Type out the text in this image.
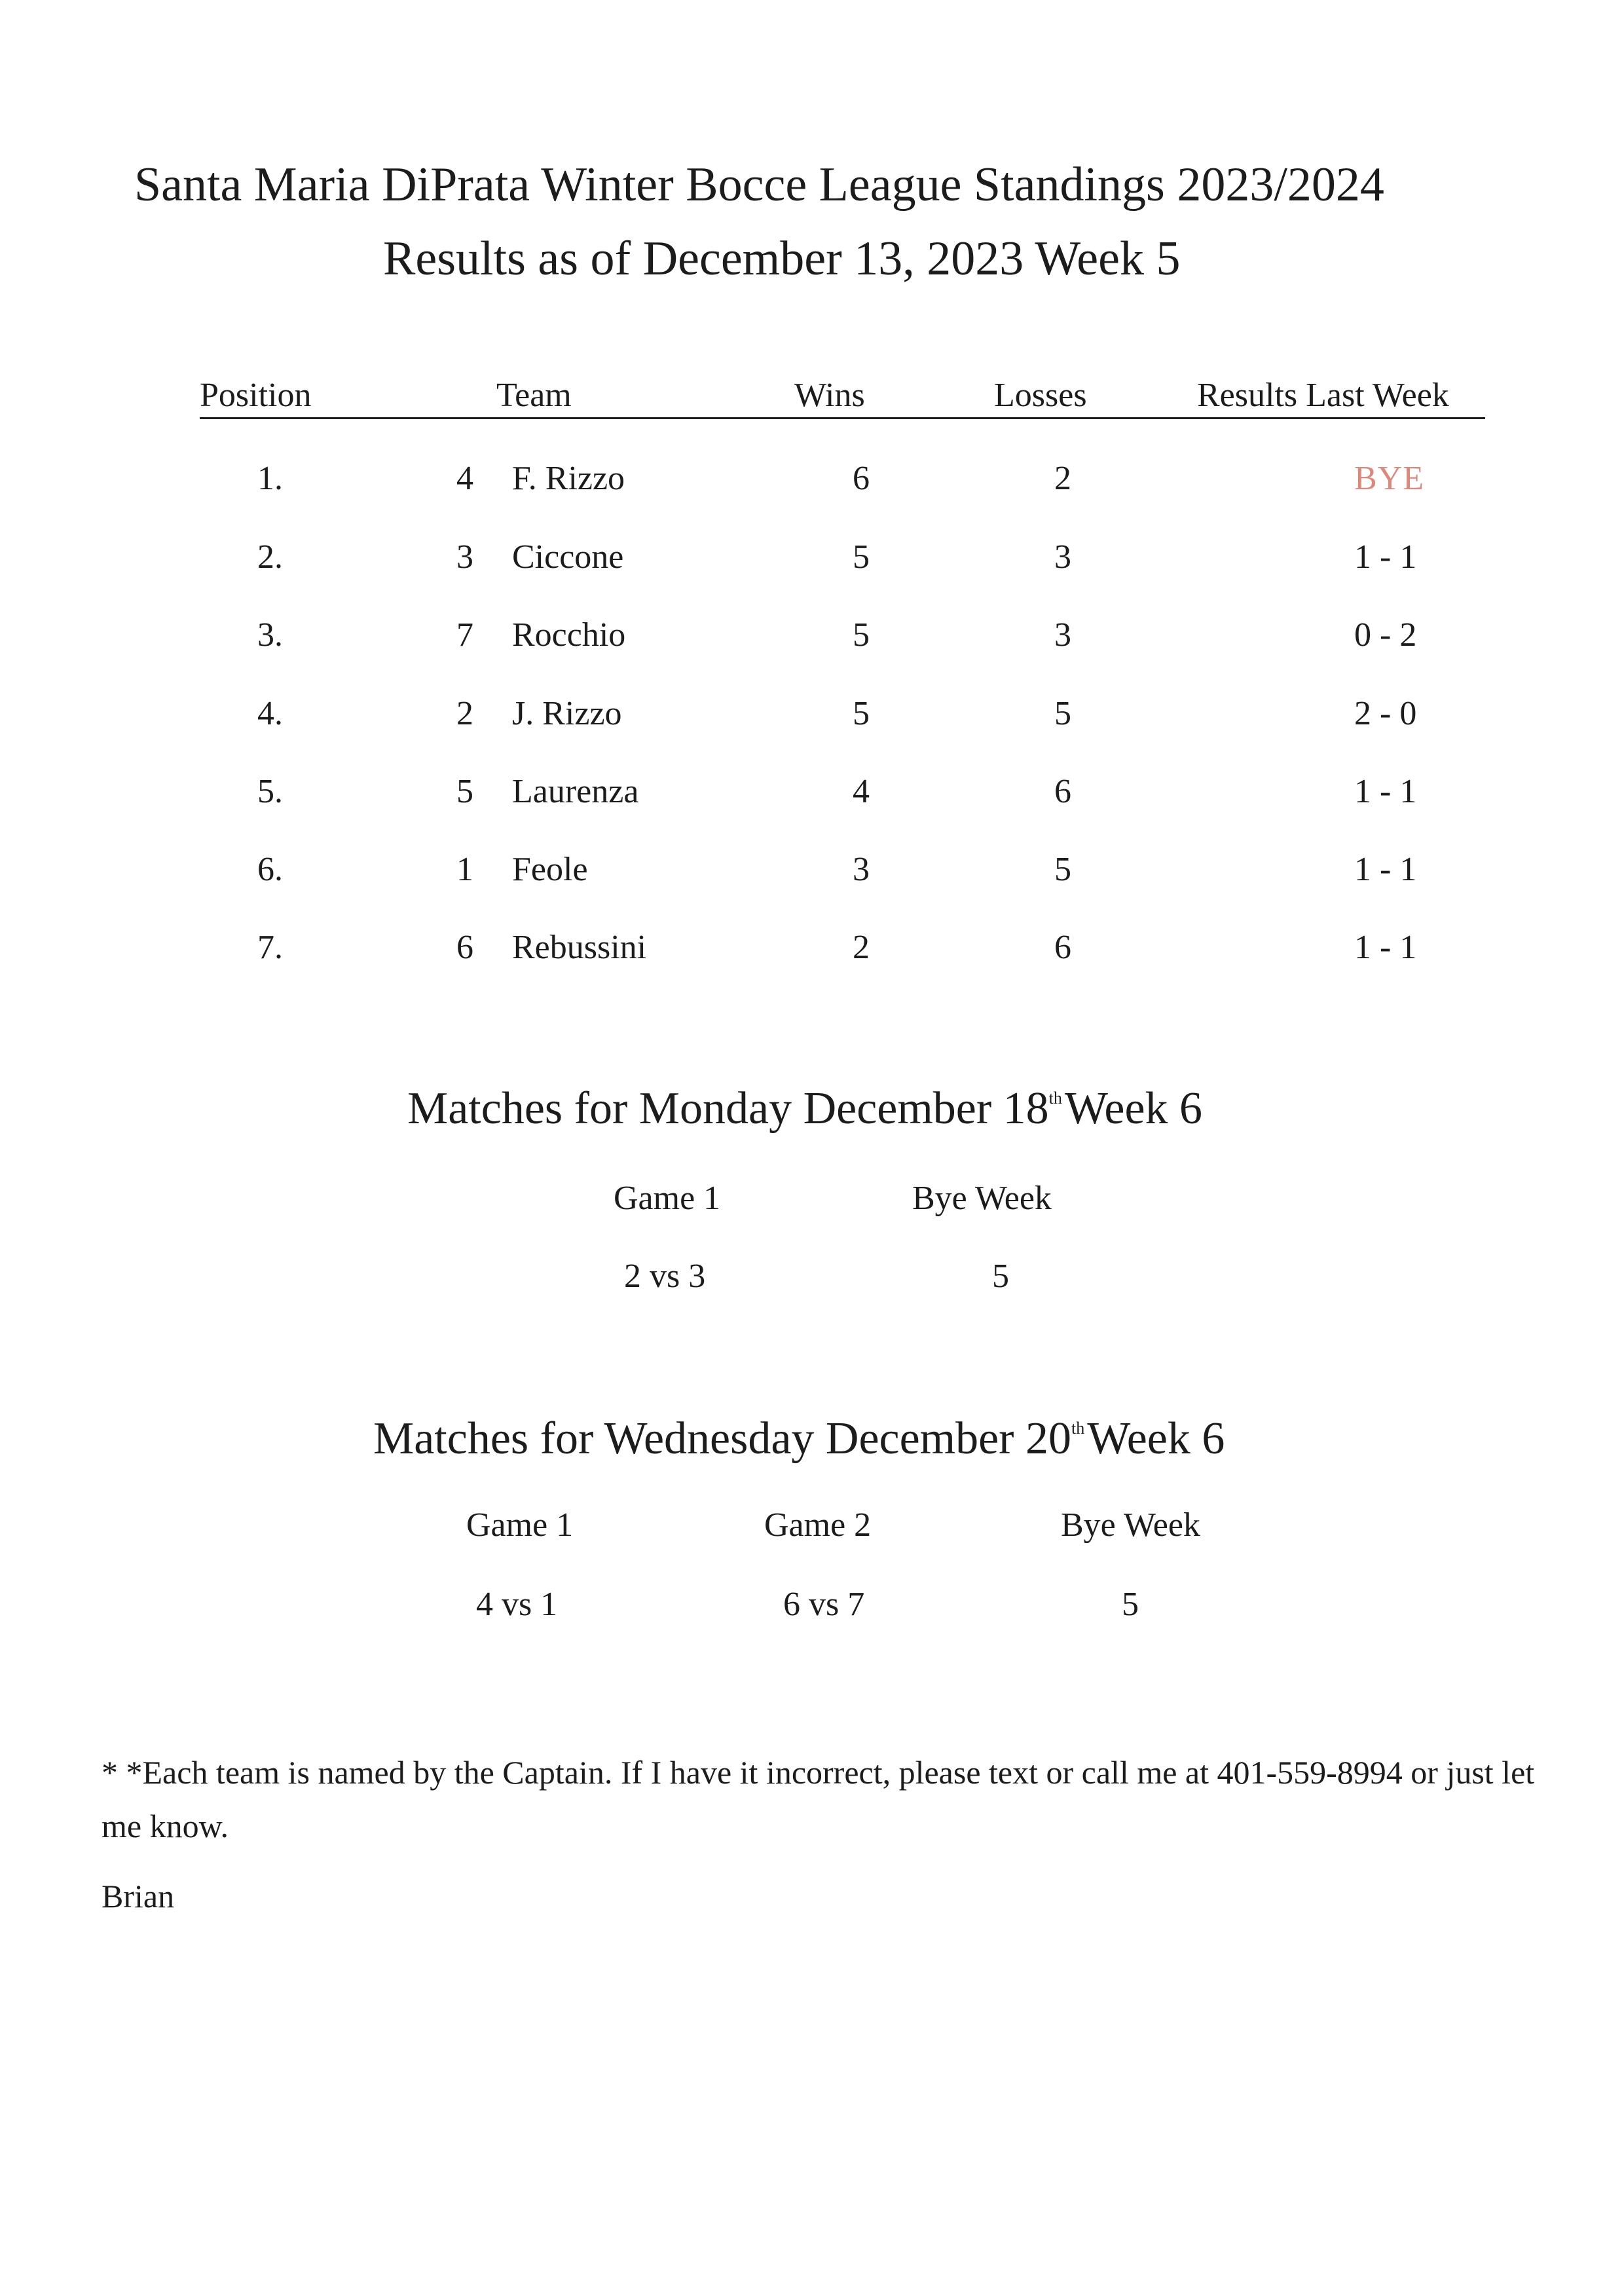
Santa Maria DiPrata Winter Bocce League Standings 2023/2024
Results as of December 13, 2023 Week 5
Position	Team	Wins	Losses	Results Last Week
1.	4 F. Rizzo	6	2	BYE
2.	3 Ciccone	5	3	1 - 1
3.	7 Rocchio	5	3	0 - 2
4.	2 J. Rizzo	5	5	2 - 0
5.	5 Laurenza	4	6	1 - 1
6.	1 Feole	3	5	1 - 1
7.	6 Rebussini	2	6	1 - 1
Matches for Monday December 18thWeek 6
Game 1	Bye Week
2 vs 3	5
Matches for Wednesday December 20thWeek 6
Game 1	Game 2	Bye Week
4 vs 1	6 vs 7	5
* *Each team is named by the Captain. If I have it incorrect, please text or call me at 401-559-8994 or just let me know.
Brian
